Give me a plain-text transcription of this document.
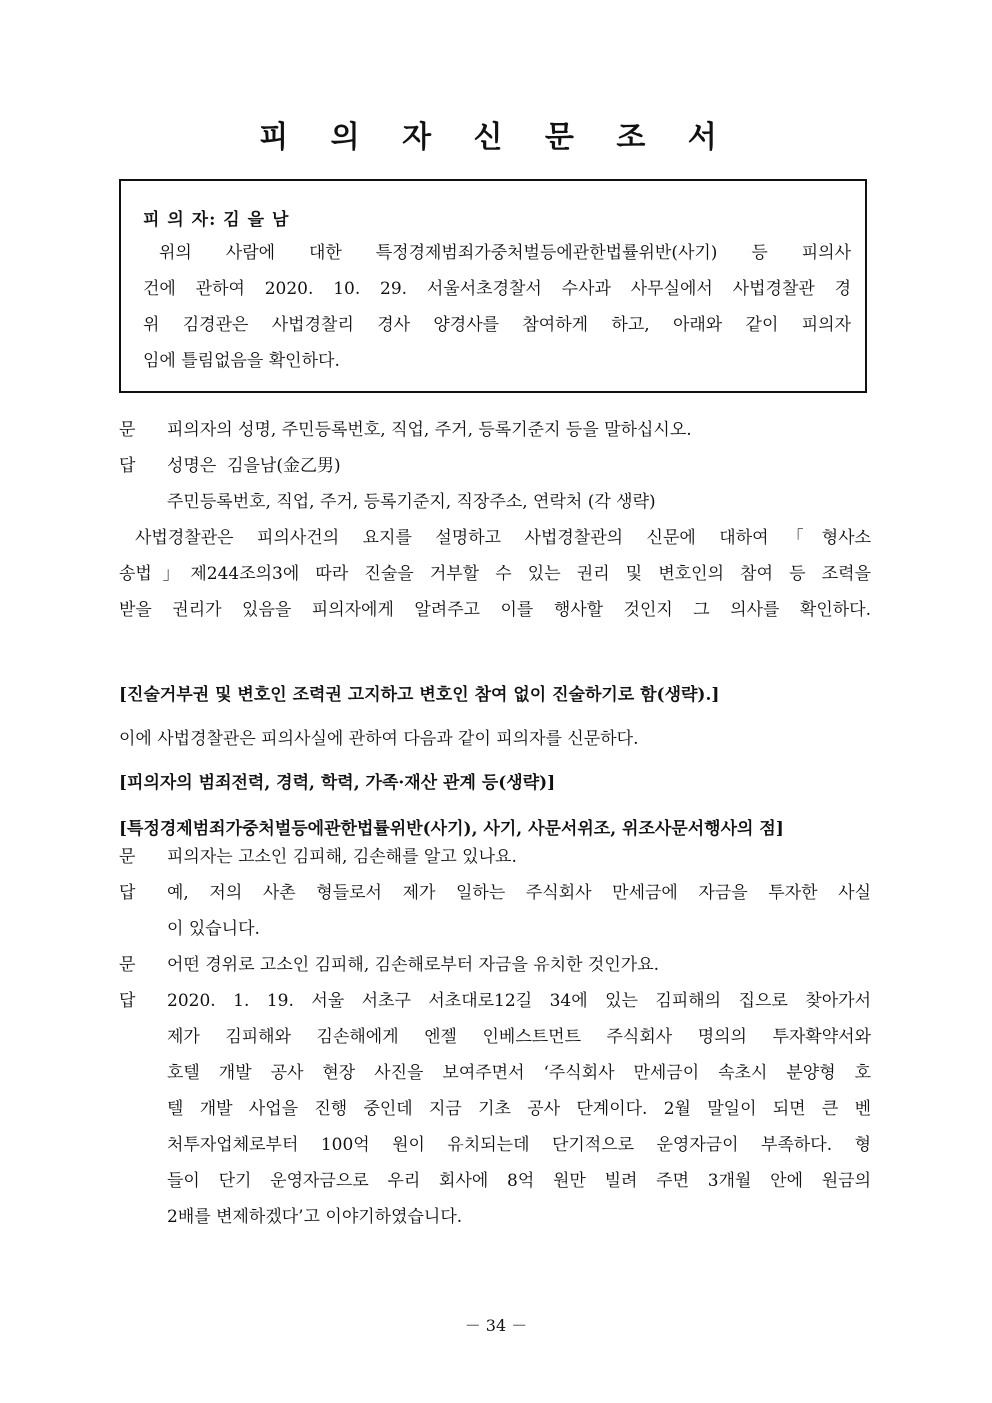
피 의 자 신 문 조 서
피 의 자: 김 을 남
위의 사람에 대한 특정경제범죄가중처벌등에관한법률위반(사기) 등 피의사
건에 관하여 2020. 10. 29. 서울서초경찰서 수사과 사무실에서 사법경찰관 경
위 김경관은 사법경찰리 경사 양경사를 참여하게 하고, 아래와 같이 피의자
임에 틀림없음을 확인하다.
문	피의자의 성명, 주민등록번호, 직업, 주거, 등록기준지 등을 말하십시오.
답	성명은  김을남(金乙男)
주민등록번호, 직업, 주거, 등록기준지, 직장주소, 연락처 (각 생략)
사법경찰관은 피의사건의 요지를 설명하고 사법경찰관의 신문에 대하여「형사소
송법」제244조의3에 따라 진술을 거부할 수 있는 권리 및 변호인의 참여 등 조력을
받을 권리가 있음을 피의자에게 알려주고 이를 행사할 것인지 그 의사를 확인하다.
[진술거부권 및 변호인 조력권 고지하고 변호인 참여 없이 진술하기로 함(생략).]
이에 사법경찰관은 피의사실에 관하여 다음과 같이 피의자를 신문하다.
[피의자의 범죄전력, 경력, 학력, 가족·재산 관계 등(생략)]
[특정경제범죄가중처벌등에관한법률위반(사기), 사기, 사문서위조, 위조사문서행사의 점]
문	피의자는 고소인 김피해, 김손해를 알고 있나요.
답	예, 저의 사촌 형들로서 제가 일하는 주식회사 만세금에 자금을 투자한 사실
이 있습니다.
문	어떤 경위로 고소인 김피해, 김손해로부터 자금을 유치한 것인가요.
답	2020. 1. 19. 서울 서초구 서초대로12길 34에 있는 김피해의 집으로 찾아가서
제가 김피해와 김손해에게 엔젤 인베스트먼트 주식회사 명의의 투자확약서와
호텔 개발 공사 현장 사진을 보여주면서 ‘주식회사 만세금이 속초시 분양형 호
텔 개발 사업을 진행 중인데 지금 기초 공사 단계이다. 2월 말일이 되면 큰 벤
처투자업체로부터 100억 원이 유치되는데 단기적으로 운영자금이 부족하다. 형
들이 단기 운영자금으로 우리 회사에 8억 원만 빌려 주면 3개월 안에 원금의
2배를 변제하겠다’고 이야기하였습니다.
－ 34 －
